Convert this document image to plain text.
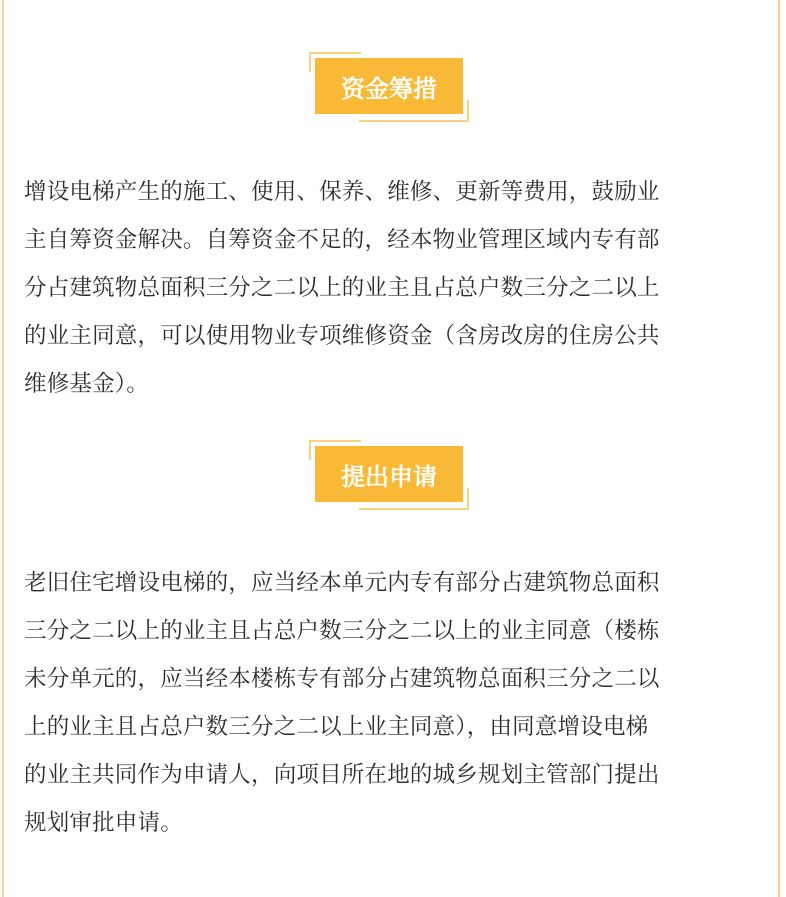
资金筹措
增设电梯产生的施工、使用、保养、维修、更新等费用，鼓励业
主自筹资金解决。自筹资金不足的，经本物业管理区域内专有部
分占建筑物总面积三分之二以上的业主且占总户数三分之二以上
的业主同意，可以使用物业专项维修资金（含房改房的住房公共
维修基金）。
提出申请
老旧住宅增设电梯的，应当经本单元内专有部分占建筑物总面积
三分之二以上的业主且占总户数三分之二以上的业主同意（楼栋
未分单元的，应当经本楼栋专有部分占建筑物总面积三分之二以
上的业主且占总户数三分之二以上业主同意），由同意增设电梯
的业主共同作为申请人，向项目所在地的城乡规划主管部门提出
规划审批申请。
